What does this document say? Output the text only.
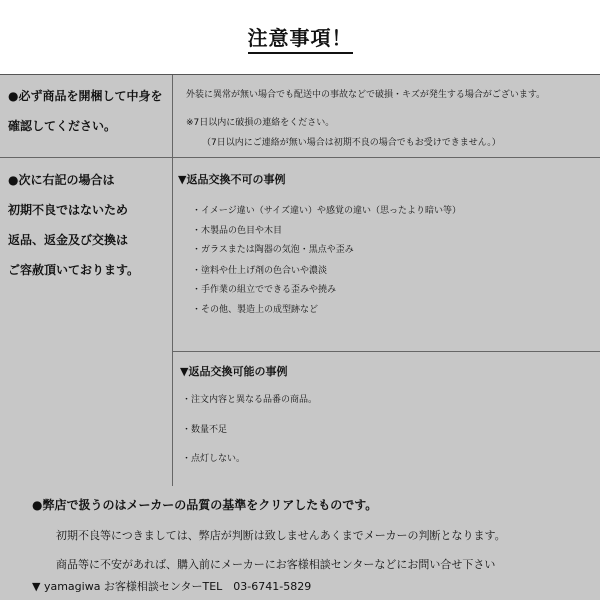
注意事項！
●必ず商品を開梱して中身を
確認してください。
外装に異常が無い場合でも配送中の事故などで破損・キズが発生する場合がございます。
※7日以内に破損の連絡をください。
（7日以内にご連絡が無い場合は初期不良の場合でもお受けできません。）
●次に右記の場合は
初期不良ではないため
返品、返金及び交換は
ご容赦頂いております。
▼返品交換不可の事例
・イメージ違い（サイズ違い）や感覚の違い（思ったより暗い等）
・木製品の色目や木目
・ガラスまたは陶器の気泡・黒点や歪み
・塗料や仕上げ剤の色合いや濃淡
・手作業の組立でできる歪みや撓み
・その他、製造上の成型跡など
▼返品交換可能の事例
・注文内容と異なる品番の商品。
・数量不足
・点灯しない。
●弊店で扱うのはメーカーの品質の基準をクリアしたものです。
初期不良等につきましては、弊店が判断は致しませんあくまでメーカーの判断となります。
商品等に不安があれば、購入前にメーカーにお客様相談センターなどにお問い合せ下さい
▼ yamagiwa お客様相談センターTEL　03-6741-5829
